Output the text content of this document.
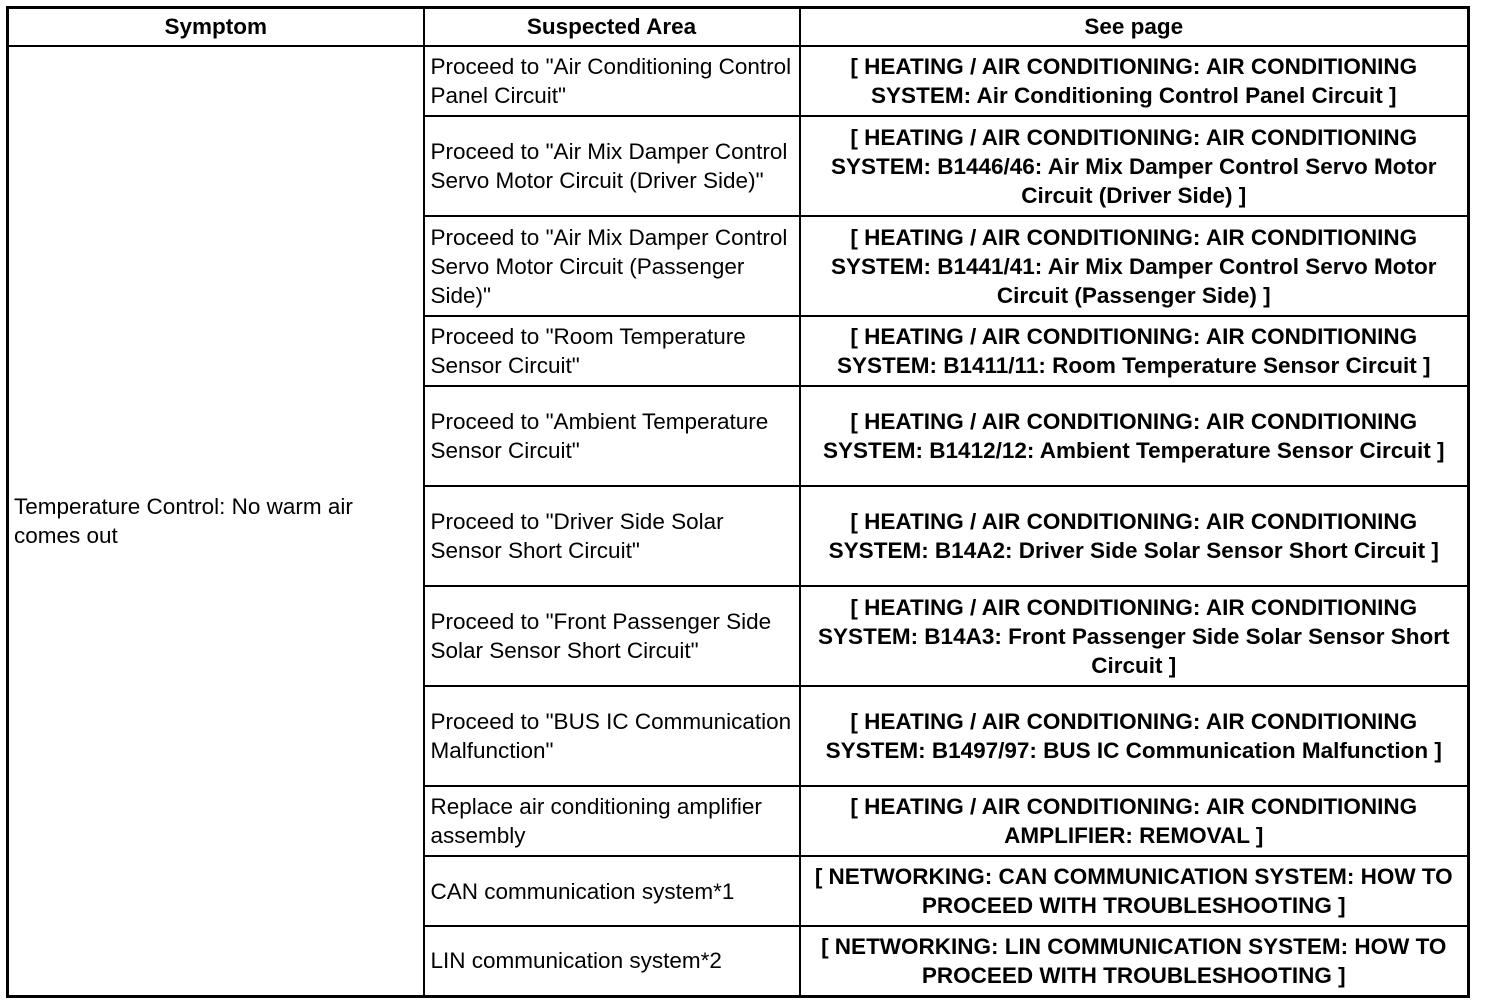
Symptom	Suspected Area	See page
Temperature Control: No warm air comes out	Proceed to "Air Conditioning Control Panel Circuit"	[ HEATING / AIR CONDITIONING: AIR CONDITIONING SYSTEM: Air Conditioning Control Panel Circuit ]
	Proceed to "Air Mix Damper Control Servo Motor Circuit (Driver Side)"	[ HEATING / AIR CONDITIONING: AIR CONDITIONING SYSTEM: B1446/46: Air Mix Damper Control Servo Motor Circuit (Driver Side) ]
	Proceed to "Air Mix Damper Control Servo Motor Circuit (Passenger Side)"	[ HEATING / AIR CONDITIONING: AIR CONDITIONING SYSTEM: B1441/41: Air Mix Damper Control Servo Motor Circuit (Passenger Side) ]
	Proceed to "Room Temperature Sensor Circuit"	[ HEATING / AIR CONDITIONING: AIR CONDITIONING SYSTEM: B1411/11: Room Temperature Sensor Circuit ]
	Proceed to "Ambient Temperature Sensor Circuit"	[ HEATING / AIR CONDITIONING: AIR CONDITIONING SYSTEM: B1412/12: Ambient Temperature Sensor Circuit ]
	Proceed to "Driver Side Solar Sensor Short Circuit"	[ HEATING / AIR CONDITIONING: AIR CONDITIONING SYSTEM: B14A2: Driver Side Solar Sensor Short Circuit ]
	Proceed to "Front Passenger Side Solar Sensor Short Circuit"	[ HEATING / AIR CONDITIONING: AIR CONDITIONING SYSTEM: B14A3: Front Passenger Side Solar Sensor Short Circuit ]
	Proceed to "BUS IC Communication Malfunction"	[ HEATING / AIR CONDITIONING: AIR CONDITIONING SYSTEM: B1497/97: BUS IC Communication Malfunction ]
	Replace air conditioning amplifier assembly	[ HEATING / AIR CONDITIONING: AIR CONDITIONING AMPLIFIER: REMOVAL ]
	CAN communication system*1	[ NETWORKING: CAN COMMUNICATION SYSTEM: HOW TO PROCEED WITH TROUBLESHOOTING ]
	LIN communication system*2	[ NETWORKING: LIN COMMUNICATION SYSTEM: HOW TO PROCEED WITH TROUBLESHOOTING ]
